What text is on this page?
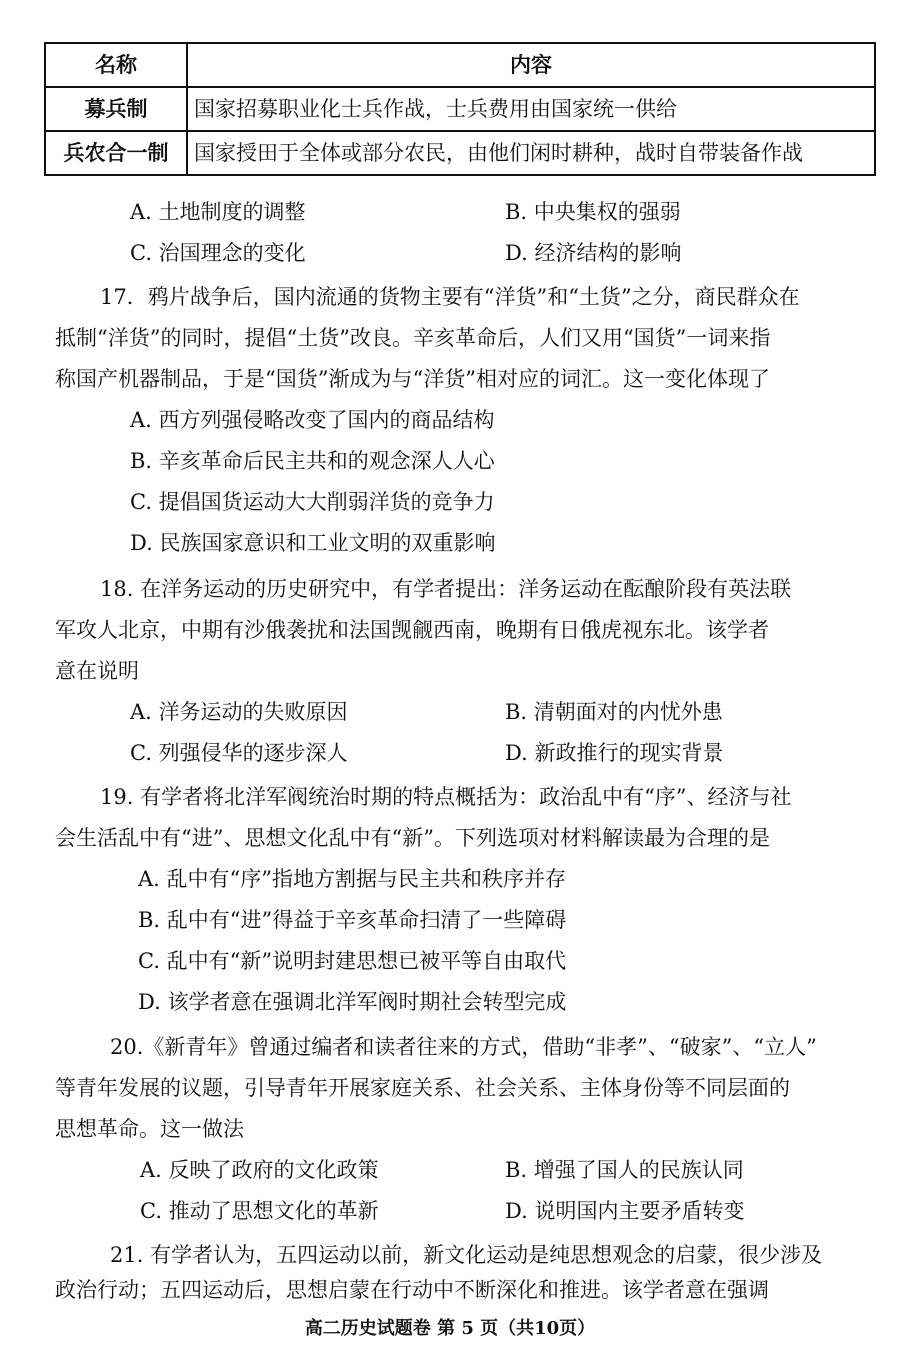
名称	内容
募兵制	国家招募职业化士兵作战，士兵费用由国家统一供给
兵农合一制	国家授田于全体或部分农民，由他们闲时耕种，战时自带装备作战
A. 土地制度的调整	B. 中央集权的强弱
C. 治国理念的变化	D. 经济结构的影响
17．鸦片战争后，国内流通的货物主要有“洋货”和“土货”之分，商民群众在
抵制“洋货”的同时，提倡“土货”改良。辛亥革命后，人们又用“国货”一词来指
称国产机器制品，于是“国货”渐成为与“洋货”相对应的词汇。这一变化体现了
A. 西方列强侵略改变了国内的商品结构
B. 辛亥革命后民主共和的观念深人人心
C. 提倡国货运动大大削弱洋货的竞争力
D. 民族国家意识和工业文明的双重影响
18. 在洋务运动的历史研究中，有学者提出：洋务运动在酝酿阶段有英法联
军攻人北京，中期有沙俄袭扰和法国觊觎西南，晚期有日俄虎视东北。该学者
意在说明
A. 洋务运动的失败原因	B. 清朝面对的内忧外患
C. 列强侵华的逐步深人	D. 新政推行的现实背景
19. 有学者将北洋军阀统治时期的特点概括为：政治乱中有“序”、经济与社
会生活乱中有“进”、思想文化乱中有“新”。下列选项对材料解读最为合理的是
A. 乱中有“序”指地方割据与民主共和秩序并存
B. 乱中有“进”得益于辛亥革命扫清了一些障碍
C. 乱中有“新”说明封建思想已被平等自由取代
D. 该学者意在强调北洋军阀时期社会转型完成
20.《新青年》曾通过编者和读者往来的方式，借助“非孝”、“破家”、“立人”
等青年发展的议题，引导青年开展家庭关系、社会关系、主体身份等不同层面的
思想革命。这一做法
A. 反映了政府的文化政策	B. 增强了国人的民族认同
C. 推动了思想文化的革新	D. 说明国内主要矛盾转变
21. 有学者认为，五四运动以前，新文化运动是纯思想观念的启蒙，很少涉及
政治行动；五四运动后，思想启蒙在行动中不断深化和推进。该学者意在强调
高二历史试题卷 第 5 页（共10页）
